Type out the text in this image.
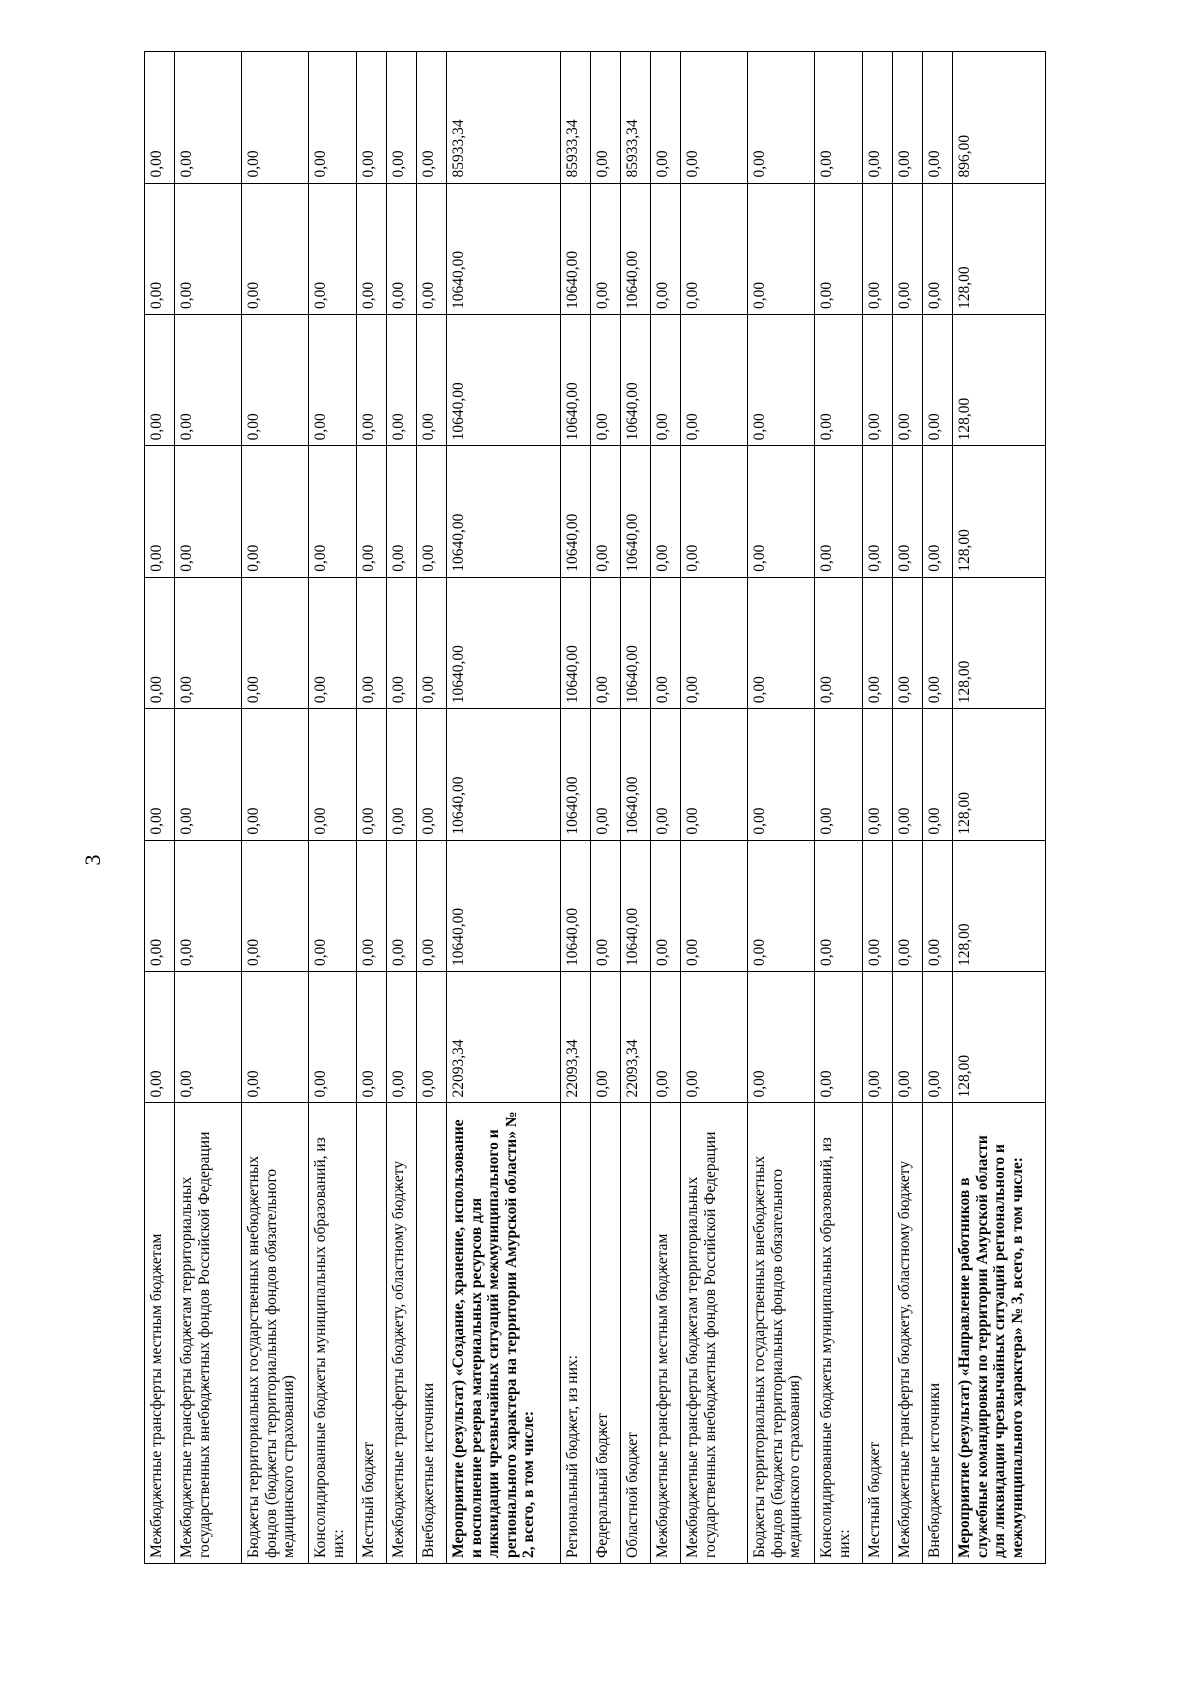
3
Межбюджетные трансферты местным бюджетам	0,00	0,00	0,00	0,00	0,00	0,00	0,00	0,00
Межбюджетные трансферты бюджетам территориальных государственных внебюджетных фондов Российской Федерации	0,00	0,00	0,00	0,00	0,00	0,00	0,00	0,00
Бюджеты территориальных государственных внебюджетных фондов (бюджеты территориальных фондов обязательного медицинского страхования)	0,00	0,00	0,00	0,00	0,00	0,00	0,00	0,00
Консолидированные бюджеты муниципальных образований, из них:	0,00	0,00	0,00	0,00	0,00	0,00	0,00	0,00
Местный бюджет	0,00	0,00	0,00	0,00	0,00	0,00	0,00	0,00
Межбюджетные трансферты бюджету, областному бюджету	0,00	0,00	0,00	0,00	0,00	0,00	0,00	0,00
Внебюджетные источники	0,00	0,00	0,00	0,00	0,00	0,00	0,00	0,00
Мероприятие (результат) «Создание, хранение, использование и восполнение резерва материальных ресурсов для ликвидации чрезвычайных ситуаций межмуниципального и регионального характера на территории Амурской области» № 2, всего, в том числе:	22093,34	10640,00	10640,00	10640,00	10640,00	10640,00	10640,00	85933,34
Региональный бюджет, из них:	22093,34	10640,00	10640,00	10640,00	10640,00	10640,00	10640,00	85933,34
Федеральный бюджет	0,00	0,00	0,00	0,00	0,00	0,00	0,00	0,00
Областной бюджет	22093,34	10640,00	10640,00	10640,00	10640,00	10640,00	10640,00	85933,34
Межбюджетные трансферты местным бюджетам	0,00	0,00	0,00	0,00	0,00	0,00	0,00	0,00
Межбюджетные трансферты бюджетам территориальных государственных внебюджетных фондов Российской Федерации	0,00	0,00	0,00	0,00	0,00	0,00	0,00	0,00
Бюджеты территориальных государственных внебюджетных фондов (бюджеты территориальных фондов обязательного медицинского страхования)	0,00	0,00	0,00	0,00	0,00	0,00	0,00	0,00
Консолидированные бюджеты муниципальных образований, из них:	0,00	0,00	0,00	0,00	0,00	0,00	0,00	0,00
Местный бюджет	0,00	0,00	0,00	0,00	0,00	0,00	0,00	0,00
Межбюджетные трансферты бюджету, областному бюджету	0,00	0,00	0,00	0,00	0,00	0,00	0,00	0,00
Внебюджетные источники	0,00	0,00	0,00	0,00	0,00	0,00	0,00	0,00
Мероприятие (результат) «Направление работников в служебные командировки по территории Амурской области для ликвидации чрезвычайных ситуаций регионального и межмуниципального характера» № 3, всего, в том числе:	128,00	128,00	128,00	128,00	128,00	128,00	128,00	896,00
